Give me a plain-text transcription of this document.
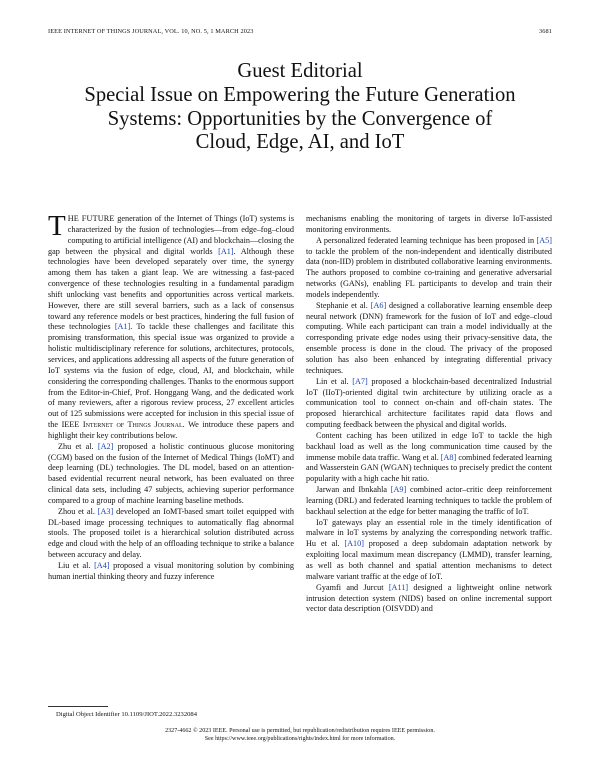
IEEE INTERNET OF THINGS JOURNAL, VOL. 10, NO. 5, 1 MARCH 2023	3681
Guest Editorial
Special Issue on Empowering the Future Generation
Systems: Opportunities by the Convergence of
Cloud, Edge, AI, and IoT

THE FUTURE generation of the Internet of Things (IoT) systems is characterized by the fusion of technologies—from edge–fog–cloud computing to artificial intelligence (AI) and blockchain—closing the gap between the physical and digital worlds [A1]. Although these technologies have been developed separately over time, the synergy among them has taken a giant leap. We are witnessing a fast-paced convergence of these technologies resulting in a fundamental paradigm shift unlocking vast benefits and opportunities across vertical markets. However, there are still several barriers, such as a lack of consensus toward any reference models or best practices, hindering the full fusion of these technologies [A1]. To tackle these challenges and facilitate this promising transformation, this special issue was organized to provide a holistic multidisciplinary reference for solutions, architectures, protocols, services, and applications addressing all aspects of the future generation of IoT systems via the fusion of edge, cloud, AI, and blockchain, while considering the corresponding challenges. Thanks to the enormous support from the Editor-in-Chief, Prof. Honggang Wang, and the dedicated work of many reviewers, after a rigorous review process, 27 excellent articles out of 125 submissions were accepted for inclusion in this special issue of the IEEE Internet of Things Journal. We introduce these papers and highlight their key contributions below.

Zhu et al. [A2] proposed a holistic continuous glucose monitoring (CGM) based on the fusion of the Internet of Medical Things (IoMT) and deep learning (DL) technologies. The DL model, based on an attention-based evidential recurrent neural network, has been evaluated on three clinical data sets, including 47 subjects, achieving superior performance compared to a group of machine learning baseline methods.

Zhou et al. [A3] developed an IoMT-based smart toilet equipped with DL-based image processing techniques to automatically flag abnormal stools. The proposed toilet is a hierarchical solution distributed across edge and cloud with the help of an offloading technique to strike a balance between accuracy and delay.

Liu et al. [A4] proposed a visual monitoring solution by combining human inertial thinking theory and fuzzy inference

mechanisms enabling the monitoring of targets in diverse IoT-assisted monitoring environments.

A personalized federated learning technique has been proposed in [A5] to tackle the problem of the non-independent and identically distributed data (non-IID) problem in distributed collaborative learning environments. The authors proposed to combine co-training and generative adversarial networks (GANs), enabling FL participants to develop and train their models independently.

Stephanie et al. [A6] designed a collaborative learning ensemble deep neural network (DNN) framework for the fusion of IoT and edge–cloud computing. While each participant can train a model individually at the corresponding private edge nodes using their privacy-sensitive data, the ensemble process is done in the cloud. The privacy of the proposed solution has also been enhanced by integrating differential privacy techniques.

Lin et al. [A7] proposed a blockchain-based decentralized Industrial IoT (IIoT)-oriented digital twin architecture by utilizing oracle as a communication tool to connect on-chain and off-chain states. The proposed hierarchical architecture facilitates rapid data flows and computing feedback between the physical and digital worlds.

Content caching has been utilized in edge IoT to tackle the high backhaul load as well as the long communication time caused by the immense mobile data traffic. Wang et al. [A8] combined federated learning and Wasserstein GAN (WGAN) techniques to precisely predict the content popularity with a high cache hit ratio.

Jarwan and Ibnkahla [A9] combined actor–critic deep reinforcement learning (DRL) and federated learning techniques to tackle the problem of backhaul selection at the edge for better managing the traffic of IoT.

IoT gateways play an essential role in the timely identification of malware in IoT systems by analyzing the corresponding network traffic. Hu et al. [A10] proposed a deep subdomain adaptation network by exploiting local maximum mean discrepancy (LMMD), transfer learning, as well as both channel and spatial attention mechanisms to detect malware variant traffic at the edge of IoT.

Gyamfi and Jurcut [A11] designed a lightweight online network intrusion detection system (NIDS) based on online incremental support vector data description (OISVDD) and

Digital Object Identifier 10.1109/JIOT.2022.3232084
2327-4662 © 2023 IEEE. Personal use is permitted, but republication/redistribution requires IEEE permission.
See https://www.ieee.org/publications/rights/index.html for more information.
